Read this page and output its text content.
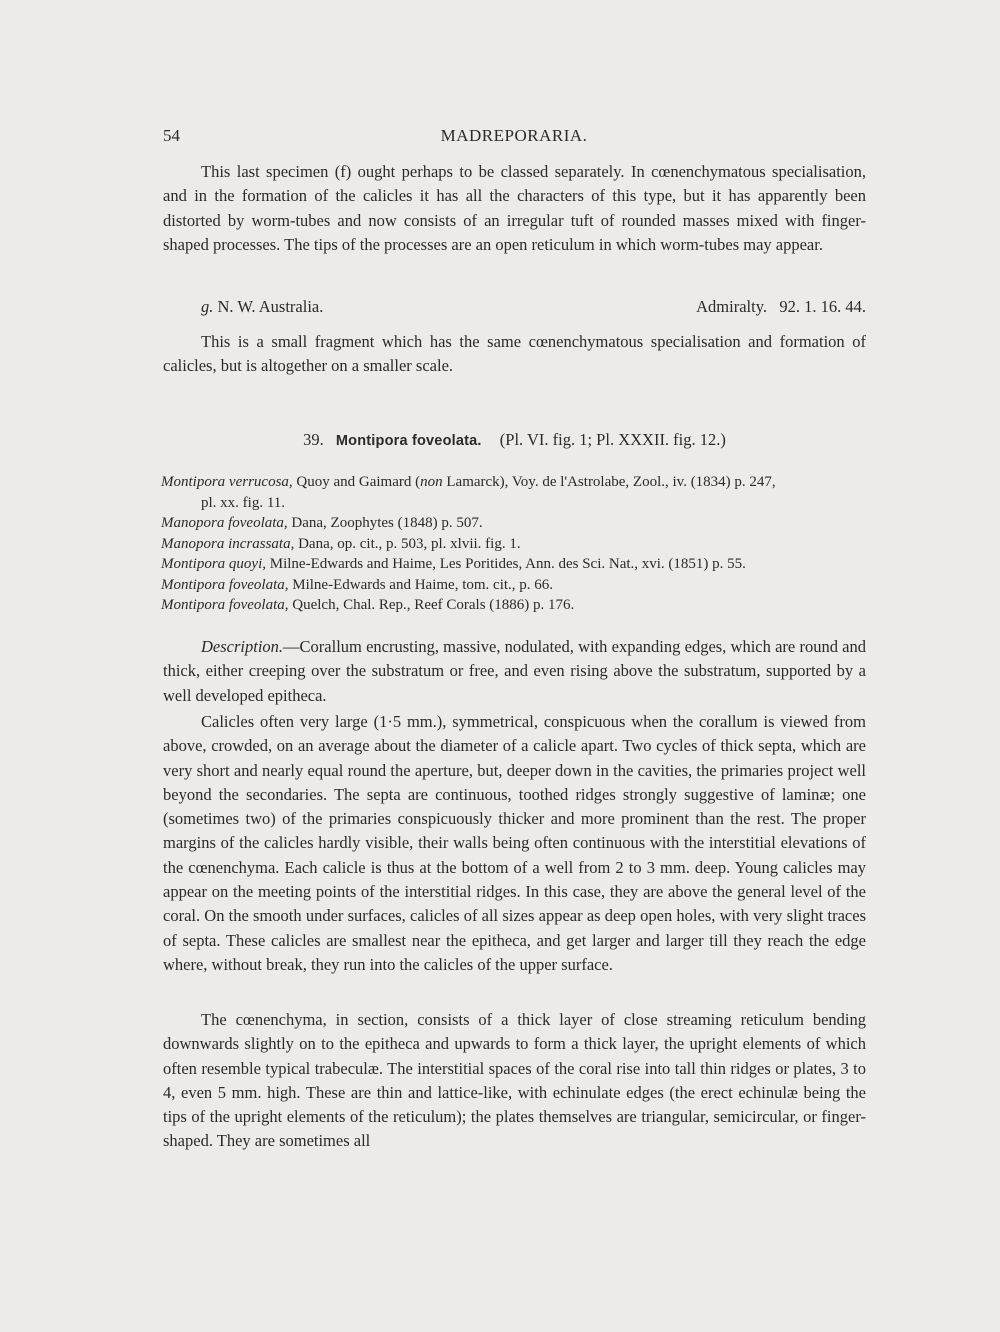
54	MADREPORARIA.

This last specimen (f) ought perhaps to be classed separately. In cœnenchymatous specialisation, and in the formation of the calicles it has all the characters of this type, but it has apparently been distorted by worm-tubes and now consists of an irregular tuft of rounded masses mixed with finger-shaped processes. The tips of the processes are an open reticulum in which worm-tubes may appear.

g. N. W. Australia.	Admiralty.   92. 1. 16. 44.

This is a small fragment which has the same cœnenchymatous specialisation and formation of calicles, but is altogether on a smaller scale.

39. Montipora foveolata. (Pl. VI. fig. 1; Pl. XXXII. fig. 12.)
Montipora verrucosa, Quoy and Gaimard (non Lamarck), Voy. de l'Astrolabe, Zool., iv. (1834) p. 247,
pl. xx. fig. 11.
Manopora foveolata, Dana, Zoophytes (1848) p. 507.
Manopora incrassata, Dana, op. cit., p. 503, pl. xlvii. fig. 1.
Montipora quoyi, Milne-Edwards and Haime, Les Poritides, Ann. des Sci. Nat., xvi. (1851) p. 55.
Montipora foveolata, Milne-Edwards and Haime, tom. cit., p. 66.
Montipora foveolata, Quelch, Chal. Rep., Reef Corals (1886) p. 176.

Description.—Corallum encrusting, massive, nodulated, with expanding edges, which are round and thick, either creeping over the substratum or free, and even rising above the substratum, supported by a well developed epitheca.

Calicles often very large (1·5 mm.), symmetrical, conspicuous when the corallum is viewed from above, crowded, on an average about the diameter of a calicle apart. Two cycles of thick septa, which are very short and nearly equal round the aperture, but, deeper down in the cavities, the primaries project well beyond the secondaries. The septa are continuous, toothed ridges strongly suggestive of laminæ; one (sometimes two) of the primaries conspicuously thicker and more prominent than the rest. The proper margins of the calicles hardly visible, their walls being often continuous with the interstitial elevations of the cœnenchyma. Each calicle is thus at the bottom of a well from 2 to 3 mm. deep. Young calicles may appear on the meeting points of the interstitial ridges. In this case, they are above the general level of the coral. On the smooth under surfaces, calicles of all sizes appear as deep open holes, with very slight traces of septa. These calicles are smallest near the epitheca, and get larger and larger till they reach the edge where, without break, they run into the calicles of the upper surface.

The cœnenchyma, in section, consists of a thick layer of close streaming reticulum bending downwards slightly on to the epitheca and upwards to form a thick layer, the upright elements of which often resemble typical trabeculæ. The interstitial spaces of the coral rise into tall thin ridges or plates, 3 to 4, even 5 mm. high. These are thin and lattice-like, with echinulate edges (the erect echinulæ being the tips of the upright elements of the reticulum); the plates themselves are triangular, semicircular, or finger-shaped. They are sometimes all
